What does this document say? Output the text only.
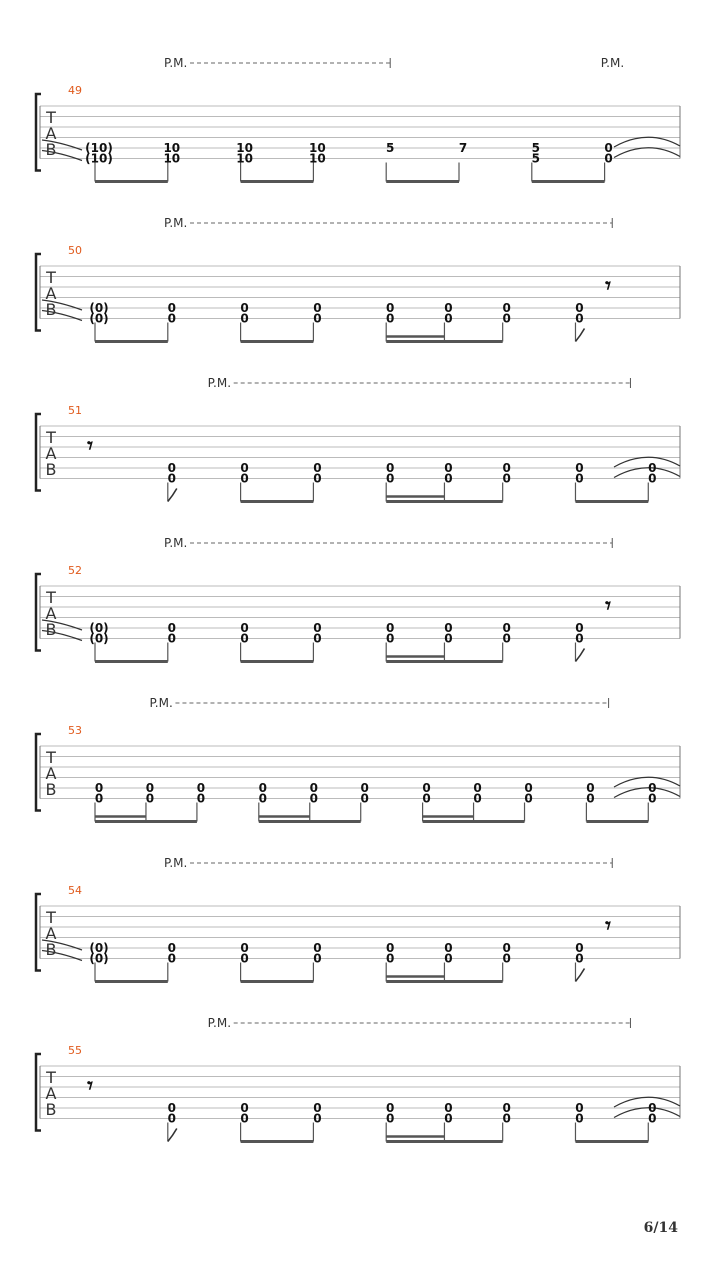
T
A
B
49
P.M.	P.M.
(10)
(10)
10
10
10
10
10
10
5	7	5
5
0
0
T
A
B
50
P.M.
(0)
(0)
0
0
0
0
0
0
0
0
0
0
0
0
0
0
𝄾
T
A
B
51
P.M.
0
0
0
0
0
0
0
0
0
0
0
0
0
0
0
0
𝄾
T
A
B
52
P.M.
(0)
(0)
0
0
0
0
0
0
0
0
0
0
0
0
0
0
𝄾
T
A
B
53
P.M.
0
0
0
0
0
0
0
0
0
0
0
0
0
0
0
0
0
0
0
0
0
0
T
A
B
54
P.M.
(0)
(0)
0
0
0
0
0
0
0
0
0
0
0
0
0
0
𝄾
T
A
B
55
P.M.
0
0
0
0
0
0
0
0
0
0
0
0
0
0
0
0
𝄾
6/14
